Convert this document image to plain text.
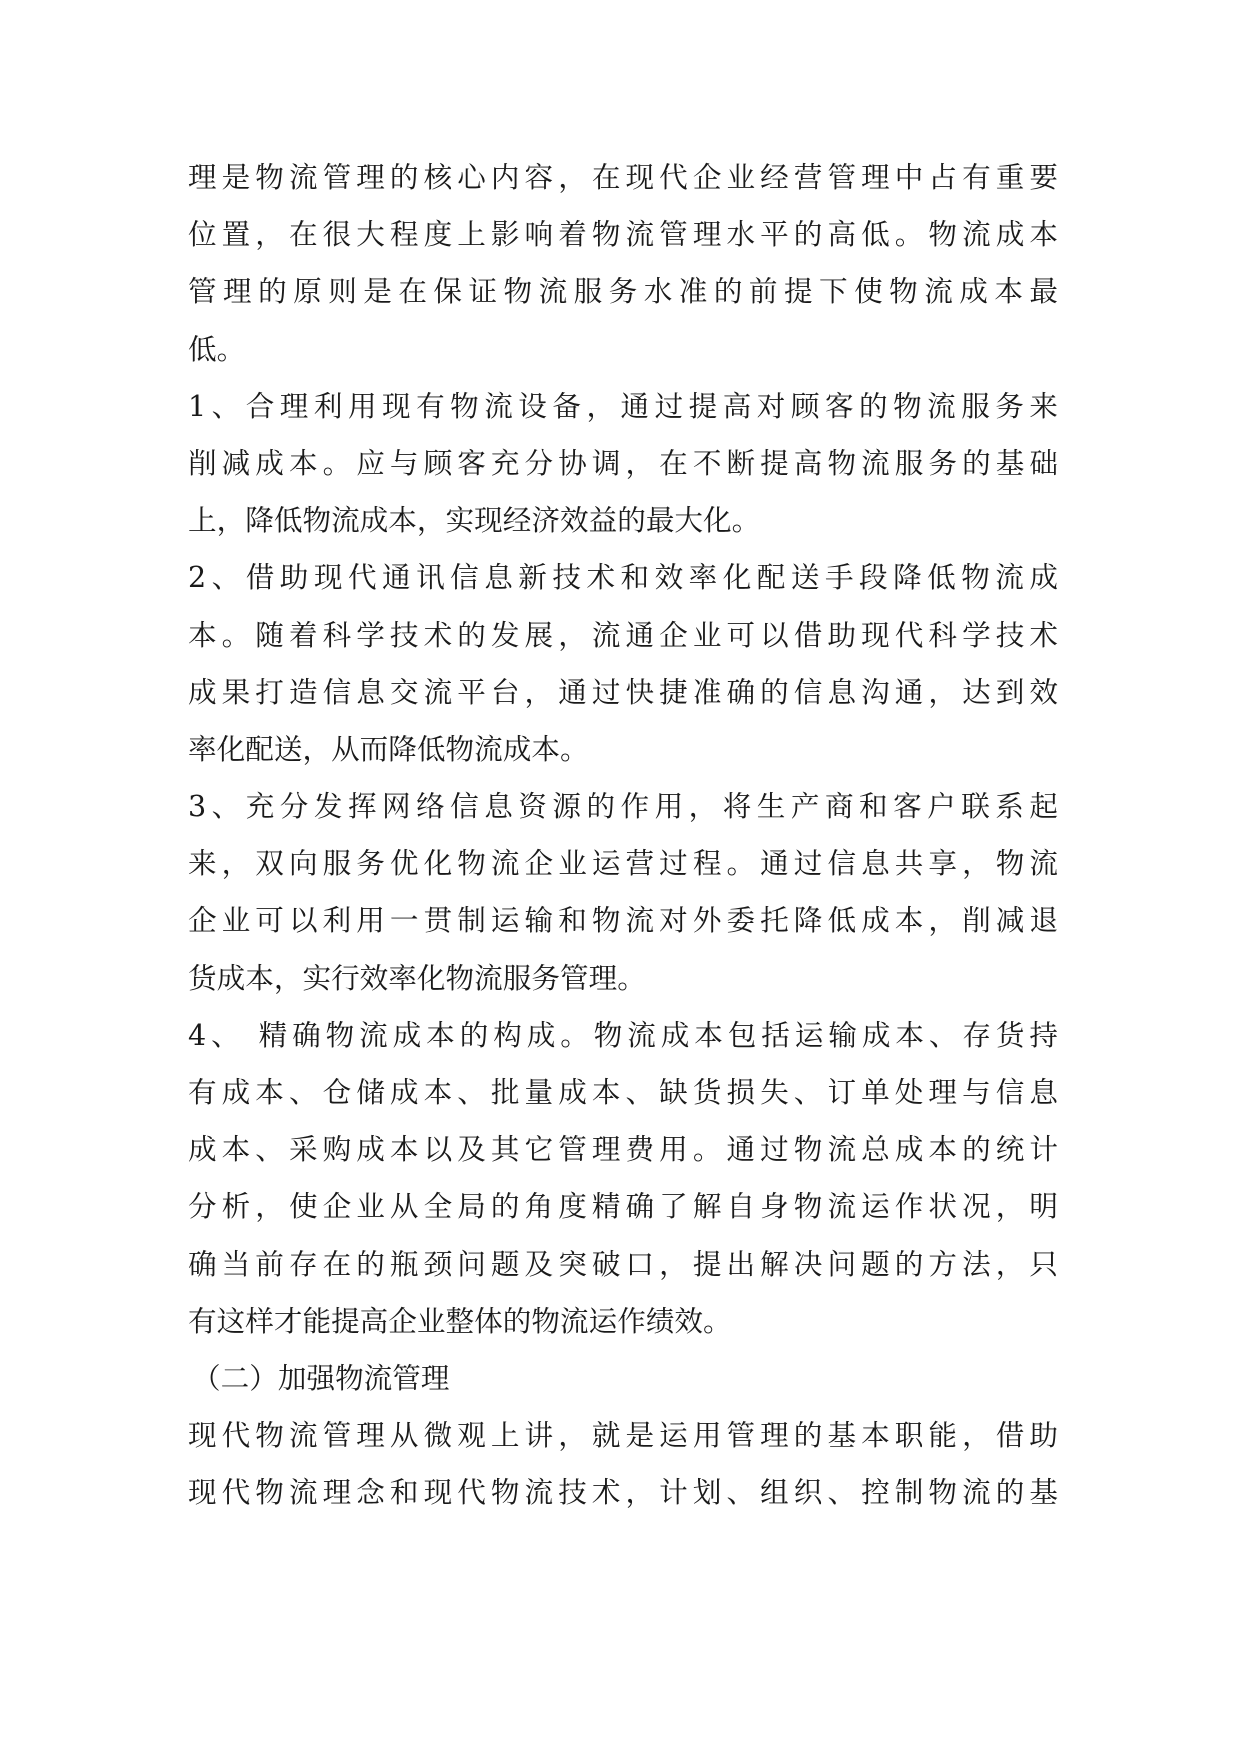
理是物流管理的核心内容，在现代企业经营管理中占有重要
位置，在很大程度上影响着物流管理水平的高低。物流成本
管理的原则是在保证物流服务水准的前提下使物流成本最
低。
1、合理利用现有物流设备，通过提高对顾客的物流服务来
削减成本。应与顾客充分协调，在不断提高物流服务的基础
上，降低物流成本，实现经济效益的最大化。
2、借助现代通讯信息新技术和效率化配送手段降低物流成
本。随着科学技术的发展，流通企业可以借助现代科学技术
成果打造信息交流平台，通过快捷准确的信息沟通，达到效
率化配送，从而降低物流成本。
3、充分发挥网络信息资源的作用，将生产商和客户联系起
来，双向服务优化物流企业运营过程。通过信息共享，物流
企业可以利用一贯制运输和物流对外委托降低成本，削减退
货成本，实行效率化物流服务管理。
4、 精确物流成本的构成。物流成本包括运输成本、存货持
有成本、仓储成本、批量成本、缺货损失、订单处理与信息
成本、采购成本以及其它管理费用。通过物流总成本的统计
分析，使企业从全局的角度精确了解自身物流运作状况，明
确当前存在的瓶颈问题及突破口，提出解决问题的方法，只
有这样才能提高企业整体的物流运作绩效。
（二）加强物流管理
现代物流管理从微观上讲，就是运用管理的基本职能，借助
现代物流理念和现代物流技术，计划、组织、控制物流的基
